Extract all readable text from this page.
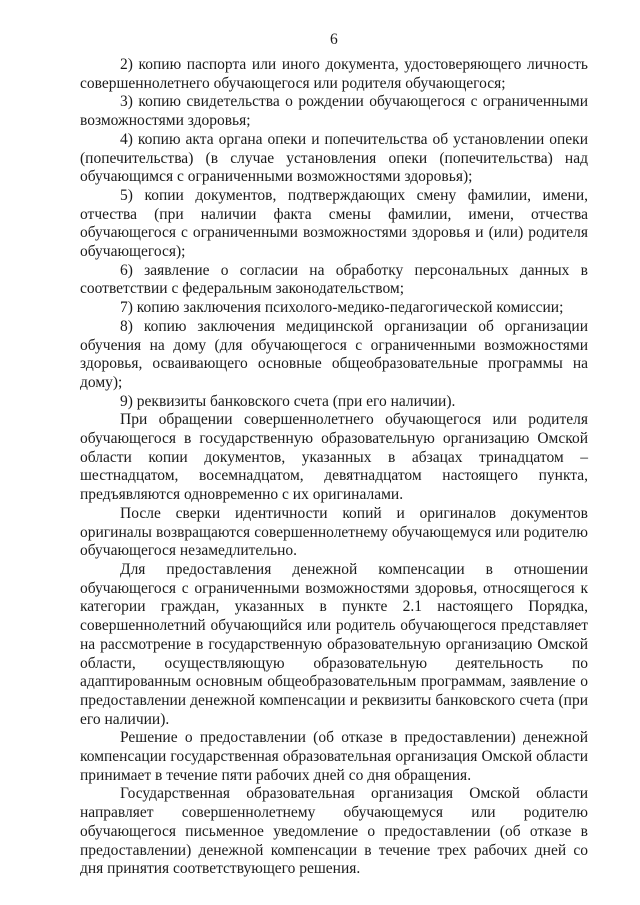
6

2) копию паспорта или иного документа, удостоверяющего личность совершеннолетнего обучающегося или родителя обучающегося;

3) копию свидетельства о рождении обучающегося с ограниченными возможностями здоровья;

4) копию акта органа опеки и попечительства об установлении опеки (попечительства) (в случае установления опеки (попечительства) над обучающимся с ограниченными возможностями здоровья);

5) копии документов, подтверждающих смену фамилии, имени, отчества (при наличии факта смены фамилии, имени, отчества обучающегося с ограниченными возможностями здоровья и (или) родителя обучающегося);

6) заявление о согласии на обработку персональных данных в соответствии с федеральным законодательством;

7) копию заключения психолого-медико-педагогической комиссии;

8) копию заключения медицинской организации об организации обучения на дому (для обучающегося с ограниченными возможностями здоровья, осваивающего основные общеобразовательные программы на дому);

9) реквизиты банковского счета (при его наличии).

При обращении совершеннолетнего обучающегося или родителя обучающегося в государственную образовательную организацию Омской области копии документов, указанных в абзацах тринадцатом – шестнадцатом, восемнадцатом, девятнадцатом настоящего пункта, предъявляются одновременно с их оригиналами.

После сверки идентичности копий и оригиналов документов оригиналы возвращаются совершеннолетнему обучающемуся или родителю обучающегося незамедлительно.

Для предоставления денежной компенсации в отношении обучающегося с ограниченными возможностями здоровья, относящегося к категории граждан, указанных в пункте 2.1 настоящего Порядка, совершеннолетний обучающийся или родитель обучающегося представляет на рассмотрение в государственную образовательную организацию Омской области, осуществляющую образовательную деятельность по адаптированным основным общеобразовательным программам, заявление о предоставлении денежной компенсации и реквизиты банковского счета (при его наличии).

Решение о предоставлении (об отказе в предоставлении) денежной компенсации государственная образовательная организация Омской области принимает в течение пяти рабочих дней со дня обращения.

Государственная образовательная организация Омской области направляет совершеннолетнему обучающемуся или родителю обучающегося письменное уведомление о предоставлении (об отказе в предоставлении) денежной компенсации в течение трех рабочих дней со дня принятия соответствующего решения.
